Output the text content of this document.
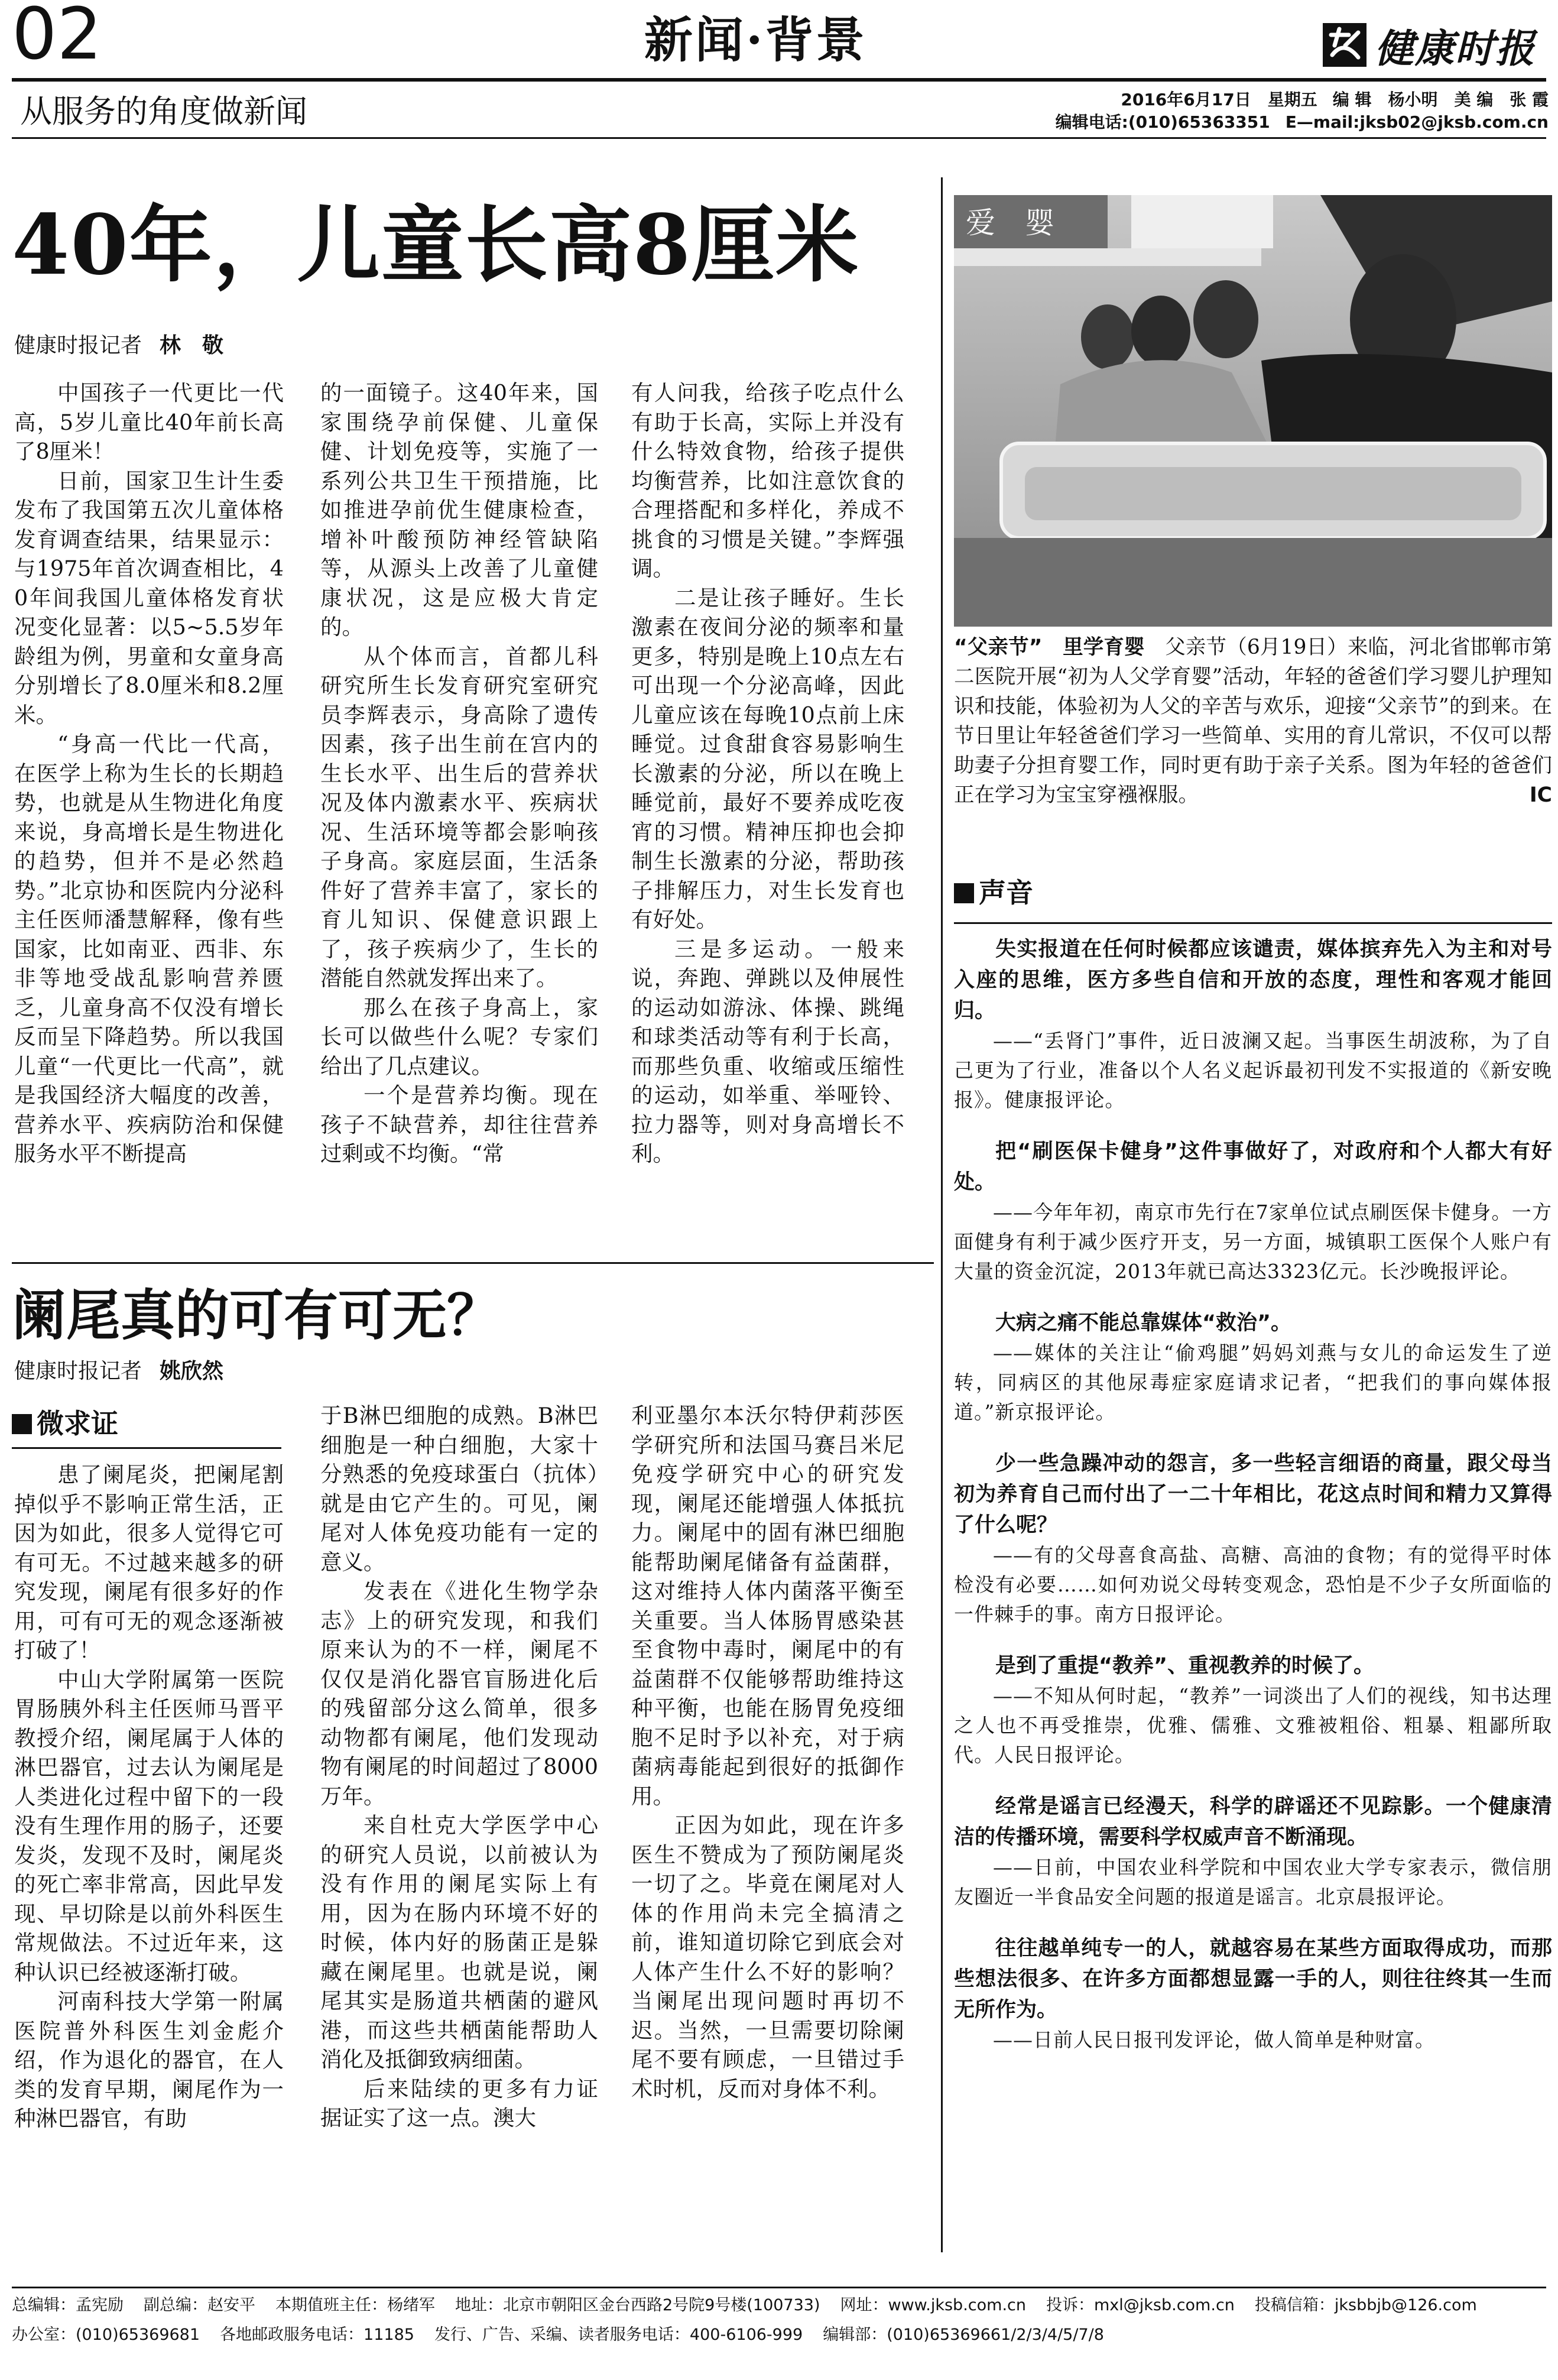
02	新闻·背景	健康时报
从服务的角度做新闻	2016年6月17日　星期五 编 辑　杨小明　美 编　张 霞
编辑电话:(010)65363351 E—mail:jksb02@jksb.com.cn
40年，儿童长高8厘米
健康时报记者 林　敬

中国孩子一代更比一代高，5岁儿童比40年前长高了8厘米！

日前，国家卫生计生委发布了我国第五次儿童体格发育调查结果，结果显示：与1975年首次调查相比，40年间我国儿童体格发育状况变化显著：以5~5.5岁年龄组为例，男童和女童身高分别增长了8.0厘米和8.2厘米。

“身高一代比一代高，在医学上称为生长的长期趋势，也就是从生物进化角度来说，身高增长是生物进化的趋势，但并不是必然趋势。”北京协和医院内分泌科主任医师潘慧解释，像有些国家，比如南亚、西非、东非等地受战乱影响营养匮乏，儿童身高不仅没有增长反而呈下降趋势。所以我国儿童“一代更比一代高”，就是我国经济大幅度的改善，营养水平、疾病防治和保健服务水平不断提高

的一面镜子。这40年来，国家围绕孕前保健、儿童保健、计划免疫等，实施了一系列公共卫生干预措施，比如推进孕前优生健康检查，增补叶酸预防神经管缺陷等，从源头上改善了儿童健康状况，这是应极大肯定的。

从个体而言，首都儿科研究所生长发育研究室研究员李辉表示，身高除了遗传因素，孩子出生前在宫内的生长水平、出生后的营养状况及体内激素水平、疾病状况、生活环境等都会影响孩子身高。家庭层面，生活条件好了营养丰富了，家长的育儿知识、保健意识跟上了，孩子疾病少了，生长的潜能自然就发挥出来了。

那么在孩子身高上，家长可以做些什么呢？专家们给出了几点建议。

一个是营养均衡。现在孩子不缺营养，却往往营养过剩或不均衡。“常

有人问我，给孩子吃点什么有助于长高，实际上并没有什么特效食物，给孩子提供均衡营养，比如注意饮食的合理搭配和多样化，养成不挑食的习惯是关键。”李辉强调。

二是让孩子睡好。生长激素在夜间分泌的频率和量更多，特别是晚上10点左右可出现一个分泌高峰，因此儿童应该在每晚10点前上床睡觉。过食甜食容易影响生长激素的分泌，所以在晚上睡觉前，最好不要养成吃夜宵的习惯。精神压抑也会抑制生长激素的分泌，帮助孩子排解压力，对生长发育也有好处。

三是多运动。一般来说，奔跑、弹跳以及伸展性的运动如游泳、体操、跳绳和球类活动等有利于长高，而那些负重、收缩或压缩性的运动，如举重、举哑铃、拉力器等，则对身高增长不利。

阑尾真的可有可无？
健康时报记者 姚欣然
微求证

患了阑尾炎，把阑尾割掉似乎不影响正常生活，正因为如此，很多人觉得它可有可无。不过越来越多的研究发现，阑尾有很多好的作用，可有可无的观念逐渐被打破了！

中山大学附属第一医院胃肠胰外科主任医师马晋平教授介绍，阑尾属于人体的淋巴器官，过去认为阑尾是人类进化过程中留下的一段没有生理作用的肠子，还要发炎，发现不及时，阑尾炎的死亡率非常高，因此早发现、早切除是以前外科医生常规做法。不过近年来，这种认识已经被逐渐打破。

河南科技大学第一附属医院普外科医生刘金彪介绍，作为退化的器官，在人类的发育早期，阑尾作为一种淋巴器官，有助

于B淋巴细胞的成熟。B淋巴细胞是一种白细胞，大家十分熟悉的免疫球蛋白（抗体）就是由它产生的。可见，阑尾对人体免疫功能有一定的意义。

发表在《进化生物学杂志》上的研究发现，和我们原来认为的不一样，阑尾不仅仅是消化器官盲肠进化后的残留部分这么简单，很多动物都有阑尾，他们发现动物有阑尾的时间超过了8000万年。

来自杜克大学医学中心的研究人员说，以前被认为没有作用的阑尾实际上有用，因为在肠内环境不好的时候，体内好的肠菌正是躲藏在阑尾里。也就是说，阑尾其实是肠道共栖菌的避风港，而这些共栖菌能帮助人消化及抵御致病细菌。

后来陆续的更多有力证据证实了这一点。澳大

利亚墨尔本沃尔特伊莉莎医学研究所和法国马赛吕米尼免疫学研究中心的研究发现，阑尾还能增强人体抵抗力。阑尾中的固有淋巴细胞能帮助阑尾储备有益菌群，这对维持人体内菌落平衡至关重要。当人体肠胃感染甚至食物中毒时，阑尾中的有益菌群不仅能够帮助维持这种平衡，也能在肠胃免疫细胞不足时予以补充，对于病菌病毒能起到很好的抵御作用。

正因为如此，现在许多医生不赞成为了预防阑尾炎一切了之。毕竟在阑尾对人体的作用尚未完全搞清之前，谁知道切除它到底会对人体产生什么不好的影响？当阑尾出现问题时再切不迟。当然，一旦需要切除阑尾不要有顾虑，一旦错过手术时机，反而对身体不利。

爱　婴
“父亲节”　里学育婴　 父亲节（6月19日）来临，河北省邯郸市第二医院开展“初为人父学育婴”活动，年轻的爸爸们学习婴儿护理知识和技能，体验初为人父的辛苦与欢乐，迎接“父亲节”的到来。在节日里让年轻爸爸们学习一些简单、实用的育儿常识，不仅可以帮助妻子分担育婴工作，同时更有助于亲子关系。图为年轻的爸爸们正在学习为宝宝穿襁褓服。	IC
声音

失实报道在任何时候都应该谴责，媒体摈弃先入为主和对号入座的思维，医方多些自信和开放的态度，理性和客观才能回归。

——“丢肾门”事件，近日波澜又起。当事医生胡波称，为了自己更为了行业，准备以个人名义起诉最初刊发不实报道的《新安晚报》。健康报评论。

把“刷医保卡健身”这件事做好了，对政府和个人都大有好处。

——今年年初，南京市先行在7家单位试点刷医保卡健身。一方面健身有利于减少医疗开支，另一方面，城镇职工医保个人账户有大量的资金沉淀，2013年就已高达3323亿元。长沙晚报评论。

大病之痛不能总靠媒体“救治”。

——媒体的关注让“偷鸡腿”妈妈刘燕与女儿的命运发生了逆转，同病区的其他尿毒症家庭请求记者，“把我们的事向媒体报道。”新京报评论。

少一些急躁冲动的怨言，多一些轻言细语的商量，跟父母当初为养育自己而付出了一二十年相比，花这点时间和精力又算得了什么呢？

——有的父母喜食高盐、高糖、高油的食物；有的觉得平时体检没有必要……如何劝说父母转变观念，恐怕是不少子女所面临的一件棘手的事。南方日报评论。

是到了重提“教养”、重视教养的时候了。

——不知从何时起，“教养”一词淡出了人们的视线，知书达理之人也不再受推崇，优雅、儒雅、文雅被粗俗、粗暴、粗鄙所取代。人民日报评论。

经常是谣言已经漫天，科学的辟谣还不见踪影。一个健康清洁的传播环境，需要科学权威声音不断涌现。

——日前，中国农业科学院和中国农业大学专家表示，微信朋友圈近一半食品安全问题的报道是谣言。北京晨报评论。

往往越单纯专一的人，就越容易在某些方面取得成功，而那些想法很多、在许多方面都想显露一手的人，则往往终其一生而无所作为。

——日前人民日报刊发评论，做人简单是种财富。

总编辑：孟宪励 副总编：赵安平 本期值班主任：杨绪军 地址：北京市朝阳区金台西路2号院9号楼(100733) 网址：www.jksb.com.cn 投诉：mxl@jksb.com.cn 投稿信箱：jksbbjb@126.com
办公室：(010)65369681 各地邮政服务电话：11185 发行、广告、采编、读者服务电话：400-6106-999 编辑部：(010)65369661/2/3/4/5/7/8
